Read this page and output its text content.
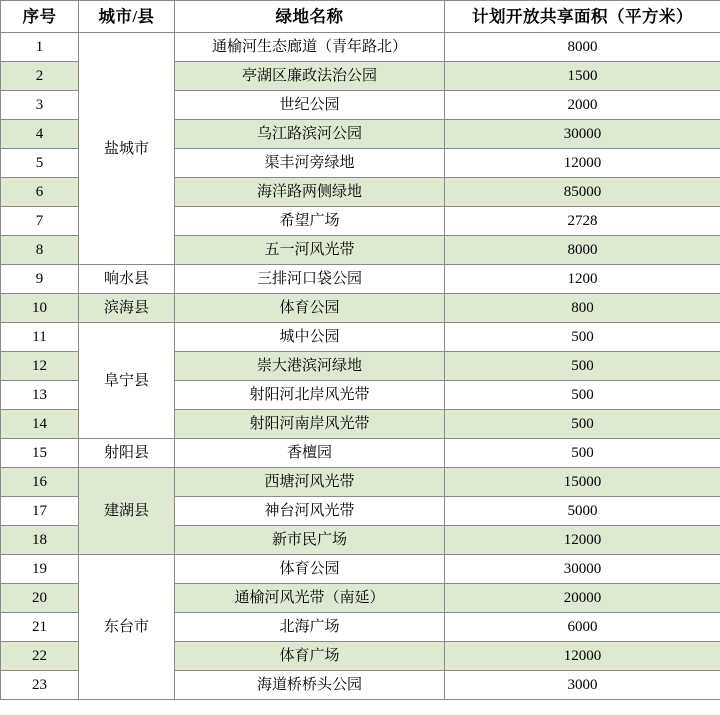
序号	城市/县	绿地名称	计划开放共享面积（平方米）
1	盐城市	通榆河生态廊道（青年路北）	8000
2		亭湖区廉政法治公园	1500
3		世纪公园	2000
4		乌江路滨河公园	30000
5		渠丰河旁绿地	12000
6		海洋路两侧绿地	85000
7		希望广场	2728
8		五一河风光带	8000
9	响水县	三排河口袋公园	1200
10	滨海县	体育公园	800
11	阜宁县	城中公园	500
12		崇大港滨河绿地	500
13		射阳河北岸风光带	500
14		射阳河南岸风光带	500
15	射阳县	香檀园	500
16	建湖县	西塘河风光带	15000
17		神台河风光带	5000
18		新市民广场	12000
19	东台市	体育公园	30000
20		通榆河风光带（南延）	20000
21		北海广场	6000
22		体育广场	12000
23		海道桥桥头公园	3000
